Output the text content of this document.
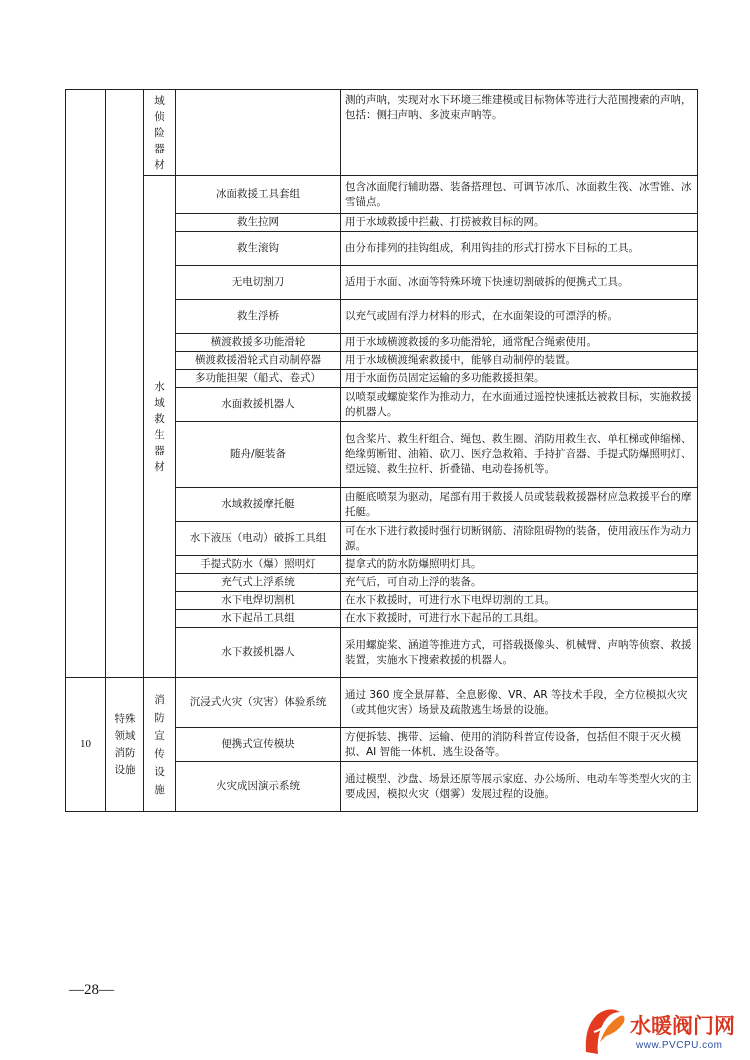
		域侦险器材		测的声呐，实现对水下环境三维建模或目标物体等进行大范围搜索的声呐，包括：侧扫声呐、多波束声呐等。

		水域救生器材	冰面救援工具套组	包含冰面爬行辅助器、装备搭理包、可调节冰爪、冰面救生筏、冰雪锥、冰雪锚点。
			救生拉网	用于水域救援中拦截、打捞被救目标的网。
			救生滚钩	由分布排列的挂钩组成，利用钩挂的形式打捞水下目标的工具。
			无电切割刀	适用于水面、冰面等特殊环境下快速切割破拆的便携式工具。
			救生浮桥	以充气或固有浮力材料的形式，在水面架设的可漂浮的桥。
			横渡救援多功能滑轮	用于水域横渡救援的多功能滑轮，通常配合绳索使用。
			横渡救援滑轮式自动制停器	用于水域横渡绳索救援中，能够自动制停的装置。
			多功能担架（船式、卷式）	用于水面伤员固定运输的多功能救援担架。
			水面救援机器人	以喷泵或螺旋桨作为推动力，在水面通过遥控快速抵达被救目标，实施救援的机器人。
			随舟/艇装备	包含桨片、救生杆组合、绳包、救生圈、消防用救生衣、单杠梯或伸缩梯、绝缘剪断钳、油箱、砍刀、医疗急救箱、手持扩音器、手提式防爆照明灯、望远镜、救生拉杆、折叠锚、电动卷扬机等。
			水域救援摩托艇	由艇底喷泵为驱动，尾部有用于救援人员或装载救援器材应急救援平台的摩托艇。
			水下液压（电动）破拆工具组	可在水下进行救援时强行切断钢筋、清除阻碍物的装备，使用液压作为动力源。
			手提式防水（爆）照明灯	提拿式的防水防爆照明灯具。
			充气式上浮系统	充气后，可自动上浮的装备。
			水下电焊切割机	在水下救援时，可进行水下电焊切割的工具。
			水下起吊工具组	在水下救援时，可进行水下起吊的工具组。
			水下救援机器人	采用螺旋桨、涵道等推进方式，可搭载摄像头、机械臂、声呐等侦察、救援装置，实施水下搜索救援的机器人。

10	特殊领域消防设施	消防宣传设施	沉浸式火灾（灾害）体验系统	通过 360 度全景屏幕、全息影像、VR、AR 等技术手段，全方位模拟火灾（或其他灾害）场景及疏散逃生场景的设施。
			便携式宣传模块	方便拆装、携带、运输、使用的消防科普宣传设备，包括但不限于灭火模拟、AI 智能一体机、逃生设备等。
			火灾成因演示系统	通过模型、沙盘、场景还原等展示家庭、办公场所、电动车等类型火灾的主要成因，模拟火灾（烟雾）发展过程的设施。
—28—
水暖阀门网
www.PVCPU.com
